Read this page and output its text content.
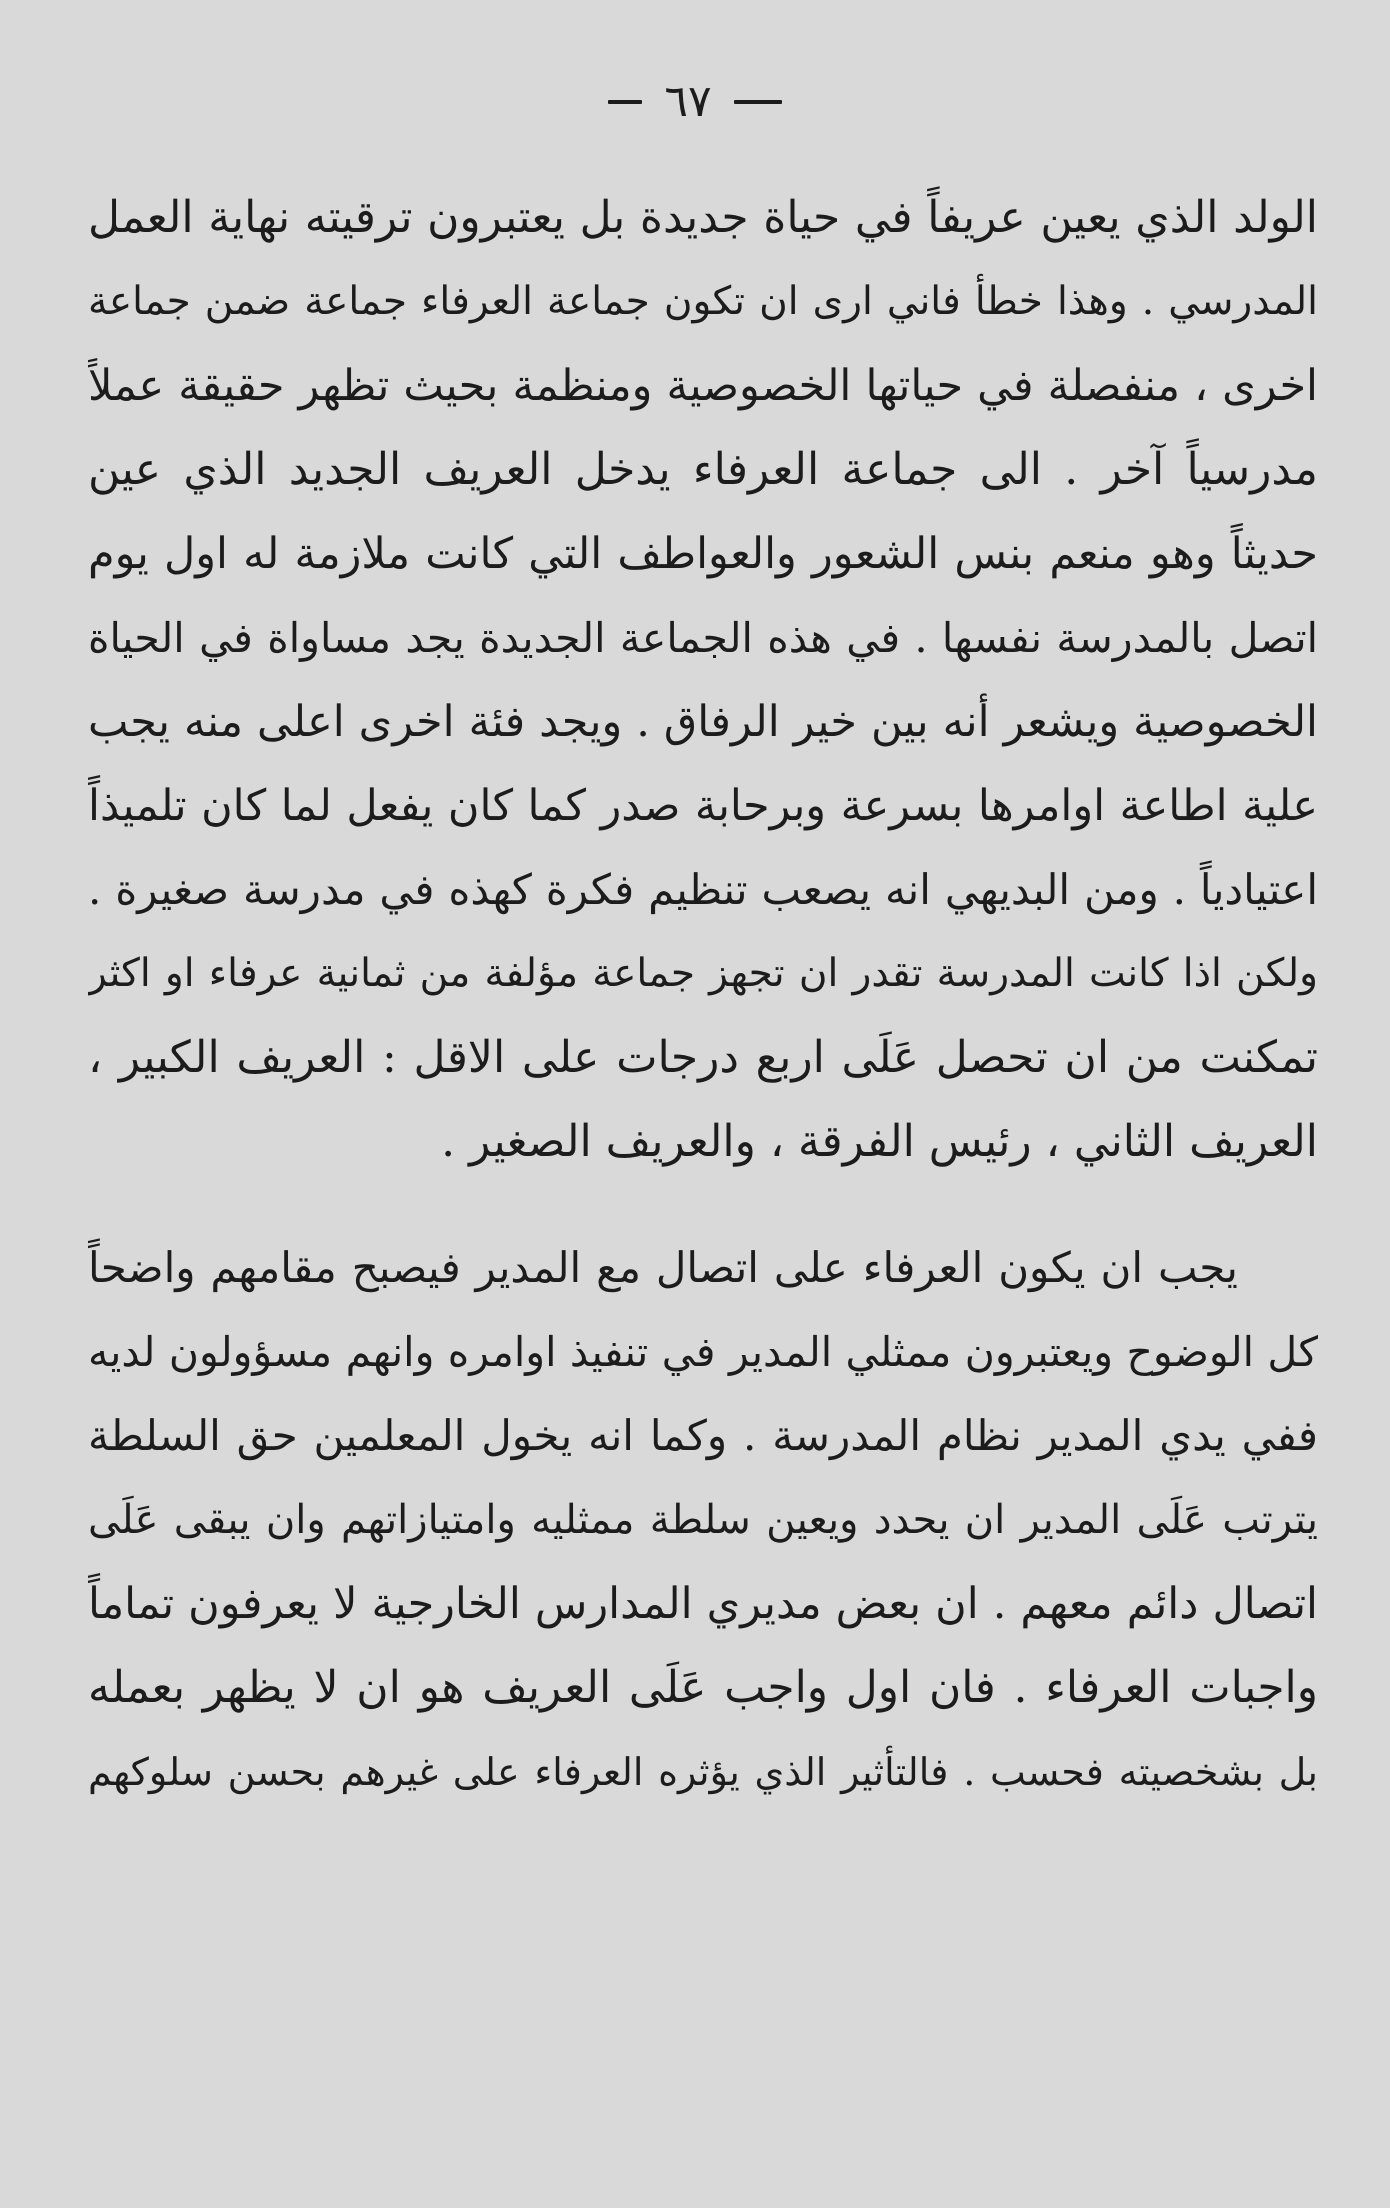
٦٧
الولد الذي يعين عريفاً في حياة جديدة بل يعتبرون ترقيته نهاية العمل
المدرسي . وهذا خطأ فاني ارى ان تكون جماعة العرفاء جماعة ضمن جماعة
اخرى ، منفصلة في حياتها الخصوصية ومنظمة بحيث تظهر حقيقة عملاً
مدرسياً آخر . الى جماعة العرفاء يدخل العريف الجديد الذي عين
حديثاً وهو منعم بنس الشعور والعواطف التي كانت ملازمة له اول يوم
اتصل بالمدرسة نفسها . في هذه الجماعة الجديدة يجد مساواة في الحياة
الخصوصية ويشعر أنه بين خير الرفاق . ويجد فئة اخرى اعلى منه يجب
علية اطاعة اوامرها بسرعة وبرحابة صدر كما كان يفعل لما كان تلميذاً
اعتيادياً . ومن البديهي انه يصعب تنظيم فكرة كهذه في مدرسة صغيرة .
ولكن اذا كانت المدرسة تقدر ان تجهز جماعة مؤلفة من ثمانية عرفاء او اكثر
تمكنت من ان تحصل عَلَى اربع درجات على الاقل : العريف الكبير ،
العريف الثاني ، رئيس الفرقة ، والعريف الصغير .
يجب ان يكون العرفاء على اتصال مع المدير فيصبح مقامهم واضحاً
كل الوضوح ويعتبرون ممثلي المدير في تنفيذ اوامره وانهم مسؤولون لديه
ففي يدي المدير نظام المدرسة . وكما انه يخول المعلمين حق السلطة
يترتب عَلَى المدير ان يحدد ويعين سلطة ممثليه وامتيازاتهم وان يبقى عَلَى
اتصال دائم معهم . ان بعض مديري المدارس الخارجية لا يعرفون تماماً
واجبات العرفاء . فان اول واجب عَلَى العريف هو ان لا يظهر بعمله
بل بشخصيته فحسب . فالتأثير الذي يؤثره العرفاء على غيرهم بحسن سلوكهم
